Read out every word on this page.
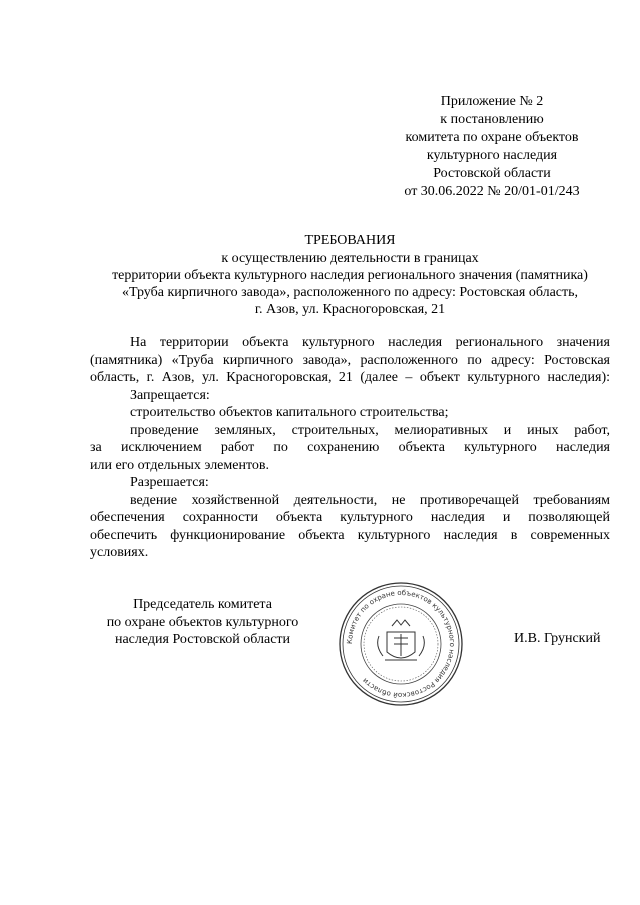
Приложение № 2
к постановлению
комитета по охране объектов
культурного наследия
Ростовской области
от 30.06.2022 № 20/01-01/243
ТРЕБОВАНИЯ
к осуществлению деятельности в границах
территории объекта культурного наследия регионального значения (памятника)
«Труба кирпичного завода», расположенного по адресу: Ростовская область,
г. Азов, ул. Красногоровская, 21

На территории объекта культурного наследия регионального значения

(памятника) «Труба кирпичного завода», расположенного по адресу: Ростовская

область, г. Азов, ул. Красногоровская, 21 (далее – объект культурного наследия):

Запрещается:

строительство объектов капитального строительства;

проведение земляных, строительных, мелиоративных и иных работ,

за исключением работ по сохранению объекта культурного наследия

или его отдельных элементов.

Разрешается:

ведение хозяйственной деятельности, не противоречащей требованиям

обеспечения сохранности объекта культурного наследия и позволяющей

обеспечить функционирование объекта культурного наследия в современных

условиях.

Председатель комитета
по охране объектов культурного
наследия Ростовской области	Комитет по охране объектов культурного наследия Ростовской области
И.В. Грунский
